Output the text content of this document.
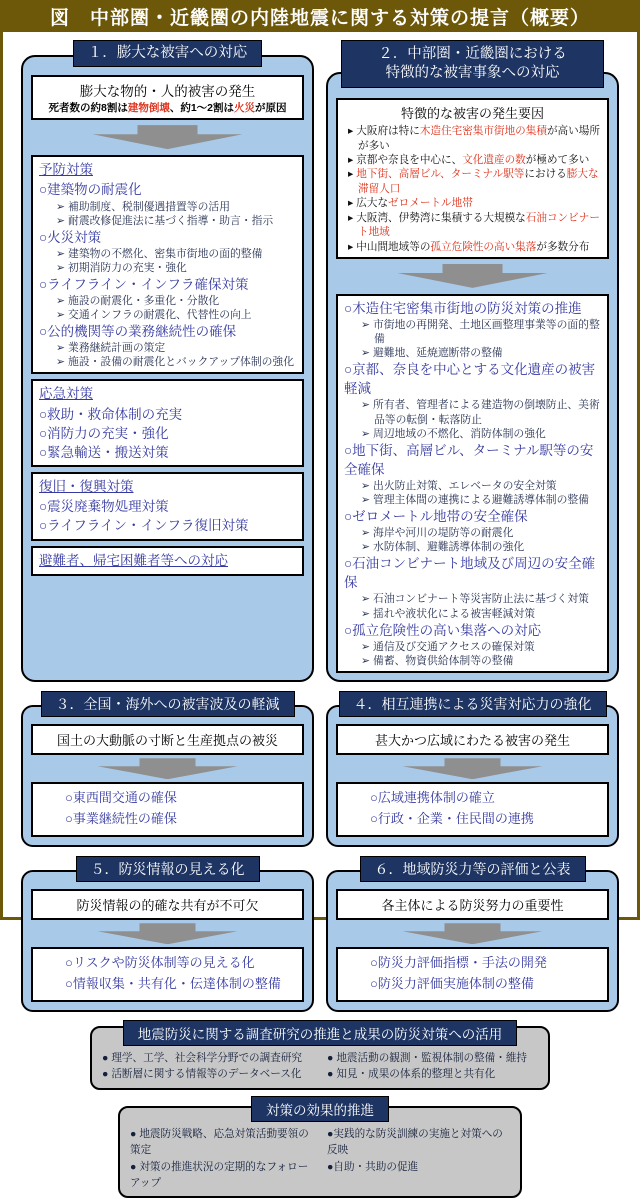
図　中部圏・近畿圏の内陸地震に関する対策の提言（概要）
１．膨大な被害への対応
膨大な物的・人的被害の発生
死者数の約8割は建物倒壊、約1～2割は火災が原因
予防対策
○建築物の耐震化
➢ 補助制度、税制優遇措置等の活用
➢ 耐震改修促進法に基づく指導・助言・指示
○火災対策
➢ 建築物の不燃化、密集市街地の面的整備
➢ 初期消防力の充実・強化
○ライフライン・インフラ確保対策
➢ 施設の耐震化・多重化・分散化
➢ 交通インフラの耐震化、代替性の向上
○公的機関等の業務継続性の確保
➢ 業務継続計画の策定
➢ 施設・設備の耐震化とバックアップ体制の強化
応急対策
○救助・救命体制の充実
○消防力の充実・強化
○緊急輸送・搬送対策
復旧・復興対策
○震災廃棄物処理対策
○ライフライン・インフラ復旧対策
避難者、帰宅困難者等への対応
２．中部圏・近畿圏における
特徴的な被害事象への対応
特徴的な被害の発生要因
▸ 大阪府は特に木造住宅密集市街地の集積が高い場所が多い
▸ 京都や奈良を中心に、文化遺産の数が極めて多い
▸ 地下街、高層ビル、ターミナル駅等における膨大な滞留人口
▸ 広大なゼロメートル地帯
▸ 大阪湾、伊勢湾に集積する大規模な石油コンビナート地域
▸ 中山間地域等の孤立危険性の高い集落が多数分布
○木造住宅密集市街地の防災対策の推進
➢ 市街地の再開発、土地区画整理事業等の面的整備
➢ 避難地、延焼遮断帯の整備
○京都、奈良を中心とする文化遺産の被害軽減
➢ 所有者、管理者による建造物の倒壊防止、美術品等の転倒・転落防止
➢ 周辺地域の不燃化、消防体制の強化
○地下街、高層ビル、ターミナル駅等の安全確保
➢ 出火防止対策、エレベータの安全対策
➢ 管理主体間の連携による避難誘導体制の整備
○ゼロメートル地帯の安全確保
➢ 海岸や河川の堤防等の耐震化
➢ 水防体制、避難誘導体制の強化
○石油コンビナート地域及び周辺の安全確保
➢ 石油コンビナート等災害防止法に基づく対策
➢ 揺れや液状化による被害軽減対策
○孤立危険性の高い集落への対応
➢ 通信及び交通アクセスの確保対策
➢ 備蓄、物資供給体制等の整備
３．全国・海外への被害波及の軽減
国土の大動脈の寸断と生産拠点の被災
○東西間交通の確保
○事業継続性の確保
４．相互連携による災害対応力の強化
甚大かつ広域にわたる被害の発生
○広域連携体制の確立
○行政・企業・住民間の連携
５．防災情報の見える化
防災情報の的確な共有が不可欠
○リスクや防災体制等の見える化
○情報収集・共有化・伝達体制の整備
６．地域防災力等の評価と公表
各主体による防災努力の重要性
○防災力評価指標・手法の開発
○防災力評価実施体制の整備
地震防災に関する調査研究の推進と成果の防災対策への活用
● 理学、工学、社会科学分野での調査研究
● 活断層に関する情報等のデータベース化
● 地震活動の観測・監視体制の整備・維持
● 知見・成果の体系的整理と共有化
対策の効果的推進
● 地震防災戦略、応急対策活動要領の策定
● 対策の推進状況の定期的なフォローアップ
●実践的な防災訓練の実施と対策への反映
●自助・共助の促進
